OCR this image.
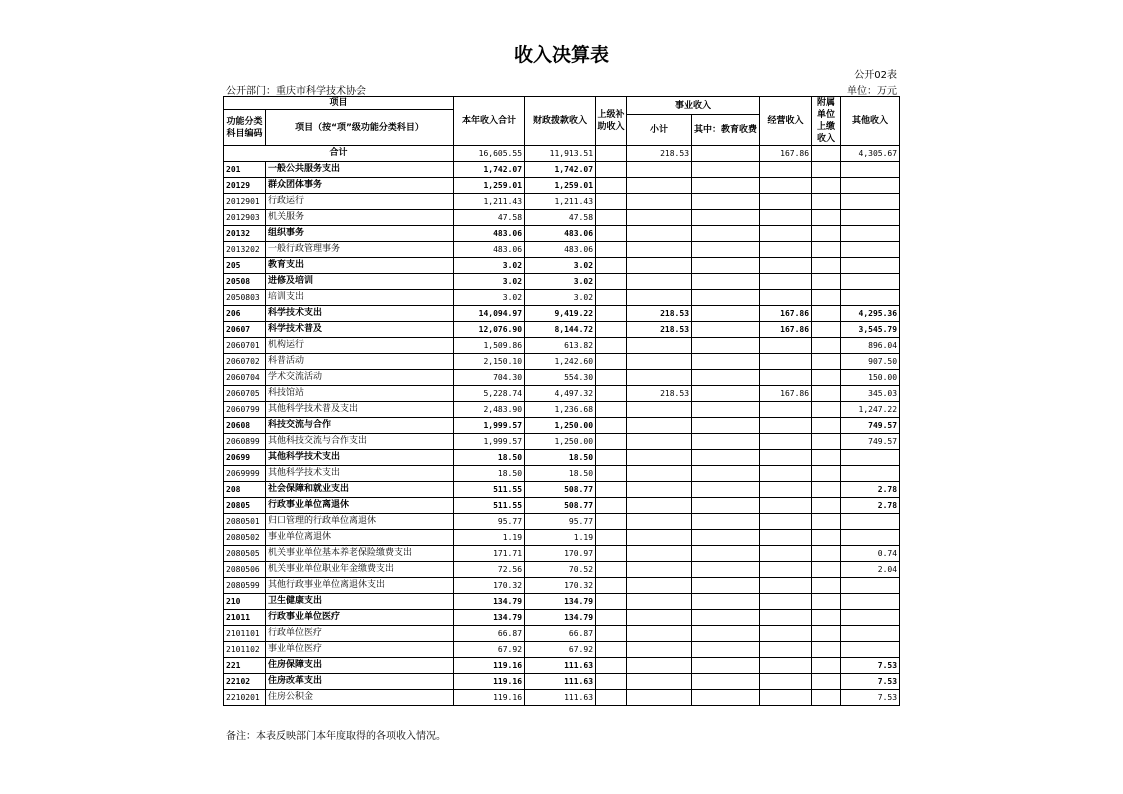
收入决算表
公开02表
公开部门：重庆市科学技术协会	单位：万元
项目		本年收入合计	财政拨款收入	上级补助收入	事业收入		经营收入	附属单位上缴收入	其他收入
功能分类科目编码	项目（按“项”级功能分类科目）								
					小计	其中：教育收费			
合计		16,605.55	11,913.51		218.53		167.86		4,305.67
201	一般公共服务支出	1,742.07	1,742.07						
20129	群众团体事务	1,259.01	1,259.01						
2012901	行政运行	1,211.43	1,211.43						
2012903	机关服务	47.58	47.58						
20132	组织事务	483.06	483.06						
2013202	一般行政管理事务	483.06	483.06						
205	教育支出	3.02	3.02						
20508	进修及培训	3.02	3.02						
2050803	培训支出	3.02	3.02						
206	科学技术支出	14,094.97	9,419.22		218.53		167.86		4,295.36
20607	科学技术普及	12,076.90	8,144.72		218.53		167.86		3,545.79
2060701	机构运行	1,509.86	613.82						896.04
2060702	科普活动	2,150.10	1,242.60						907.50
2060704	学术交流活动	704.30	554.30						150.00
2060705	科技馆站	5,228.74	4,497.32		218.53		167.86		345.03
2060799	其他科学技术普及支出	2,483.90	1,236.68						1,247.22
20608	科技交流与合作	1,999.57	1,250.00						749.57
2060899	其他科技交流与合作支出	1,999.57	1,250.00						749.57
20699	其他科学技术支出	18.50	18.50						
2069999	其他科学技术支出	18.50	18.50						
208	社会保障和就业支出	511.55	508.77						2.78
20805	行政事业单位离退休	511.55	508.77						2.78
2080501	归口管理的行政单位离退休	95.77	95.77						
2080502	事业单位离退休	1.19	1.19						
2080505	机关事业单位基本养老保险缴费支出	171.71	170.97						0.74
2080506	机关事业单位职业年金缴费支出	72.56	70.52						2.04
2080599	其他行政事业单位离退休支出	170.32	170.32						
210	卫生健康支出	134.79	134.79						
21011	行政事业单位医疗	134.79	134.79						
2101101	行政单位医疗	66.87	66.87						
2101102	事业单位医疗	67.92	67.92						
221	住房保障支出	119.16	111.63						7.53
22102	住房改革支出	119.16	111.63						7.53
2210201	住房公积金	119.16	111.63						7.53
备注：本表反映部门本年度取得的各项收入情况。
